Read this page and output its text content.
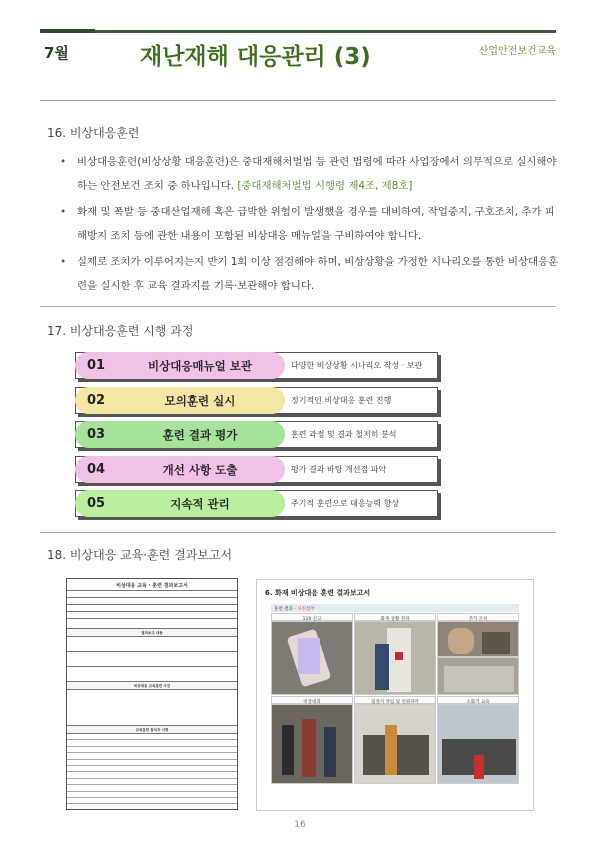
7월	재난재해 대응관리 (3)	산업안전보건교육
16. 비상대응훈련
• 비상대응훈련(비상상황 대응훈련)은 중대재해처벌법 등 관련 법령에 따라 사업장에서 의무적으로 실시해야하는 안전보건 조치 중 하나입니다. [중대재해처벌법 시행령 제4조, 제8호]
• 화재 및 폭발 등 중대산업재해 혹은 급박한 위험이 발생했을 경우를 대비하여, 작업중지, 구호조치, 추가 피해방지 조치 등에 관한 내용이 포함된 비상대응 매뉴얼을 구비하여야 합니다.
• 실제로 조치가 이루어지는지 반기 1회 이상 점검해야 하며, 비상상황을 가정한 시나리오를 통한 비상대응훈련을 실시한 후 교육 결과지를 기록·보관해야 합니다.
17. 비상대응훈련 시행 과정
01	비상대응매뉴얼 보관	다양한 비상상황 시나리오 작성 · 보관
02	모의훈련 실시	정기적인 비상대응 훈련 진행
03	훈련 결과 평가	훈련 과정 및 결과 철저히 분석
04	개선 사항 도출	평가 결과 바탕 개선점 파악
05	지속적 관리	주기적 훈련으로 대응능력 향상
18. 비상대응 교육·훈련 결과보고서
비상대응 교육 · 훈련 결과보고서
결과보고 내용
비상대응 교육훈련 사진
교육훈련 참석자 서명
6. 화재 비상대응 훈련 결과보고서
훈련 결과 - 사진첨부
119 신고	화재 상황 전파	추가 조치
비상대피	집결지 착임 및 인원파악	소화기 교육
16
